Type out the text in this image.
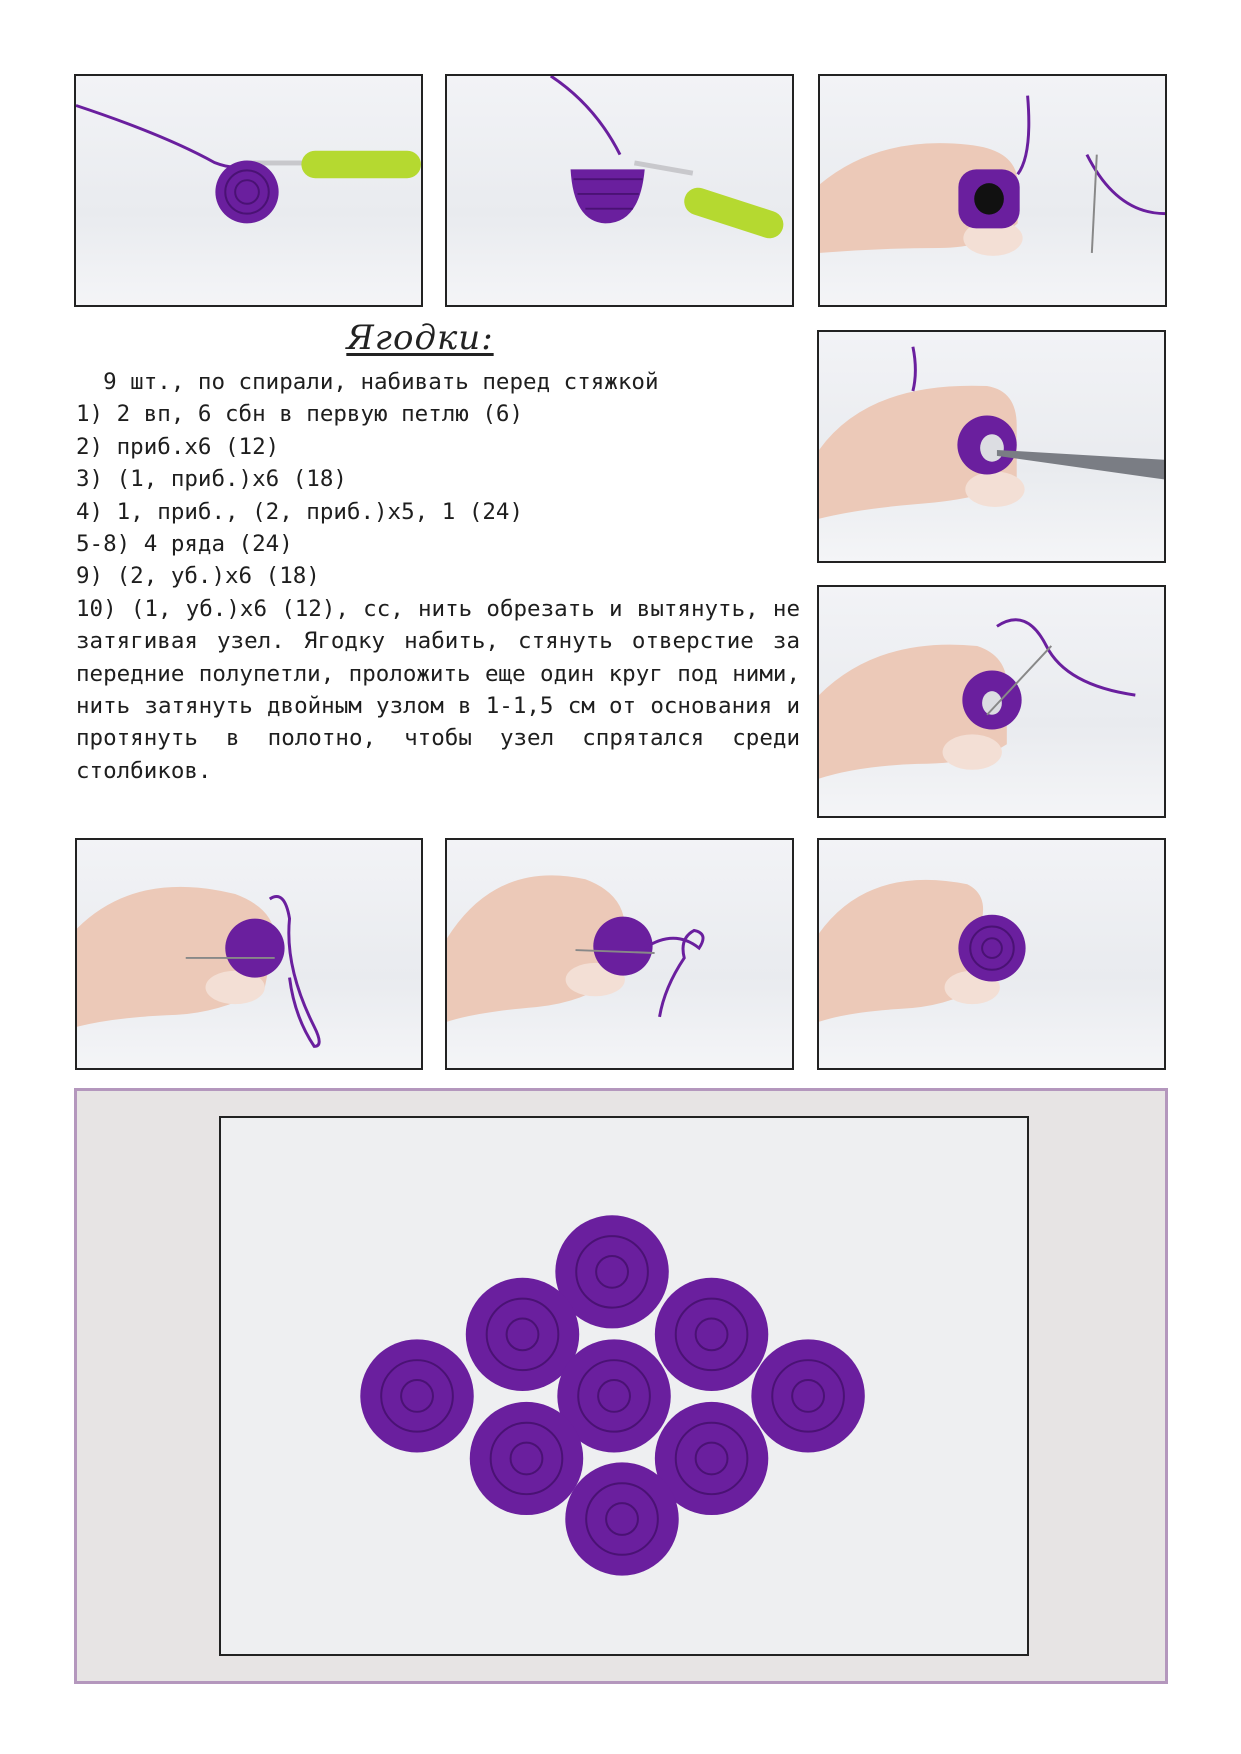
Ягодки:
9 шт., по спирали, набивать перед стяжкой
1) 2 вп, 6 сбн в первую петлю (6)
2) приб.х6 (12)
3) (1, приб.)х6 (18)
4) 1, приб., (2, приб.)х5, 1 (24)
5-8) 4 ряда (24)
9) (2, уб.)х6 (18)
10) (1, уб.)х6 (12), сс, нить обрезать и вытянуть, не затягивая узел. Ягодку набить, стянуть отверстие за передние полупетли, проложить еще один круг под ними, нить затянуть двойным узлом в 1-1,5 см от основания и протянуть в полотно, чтобы узел спрятался среди столбиков.
